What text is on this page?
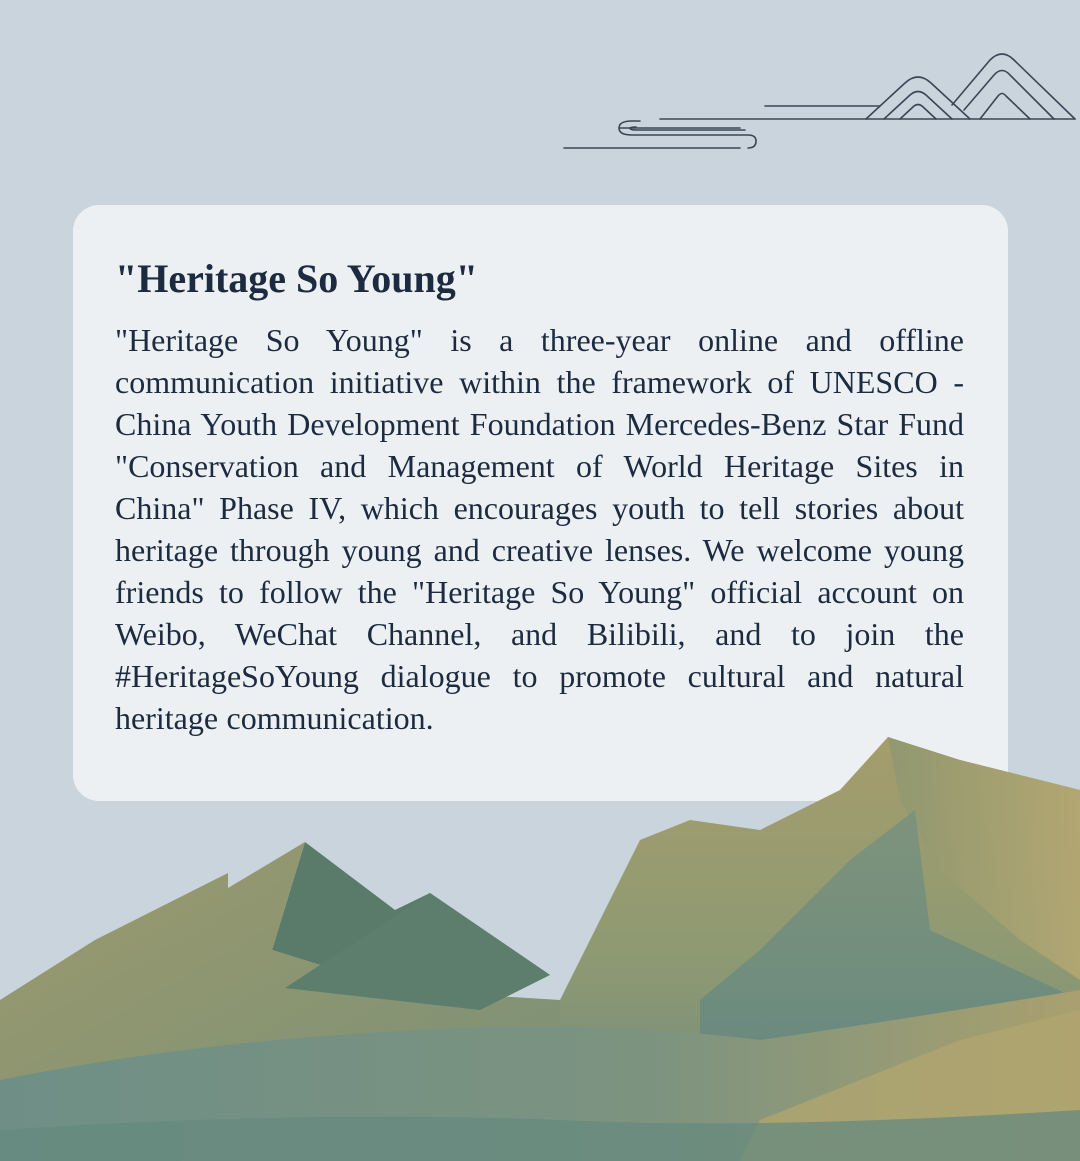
"Heritage So Young"

"Heritage So Young" is a three-year online and offline communication initiative within the framework of UNESCO - China Youth Development Foundation Mercedes-Benz Star Fund "Conservation and Management of World Heritage Sites in China" Phase IV, which encourages youth to tell stories about heritage through young and creative lenses. We welcome young friends to follow the "Heritage So Young" official account on Weibo, WeChat Channel, and Bilibili, and to join the #HeritageSoYoung dialogue to promote cultural and natural heritage communication.
